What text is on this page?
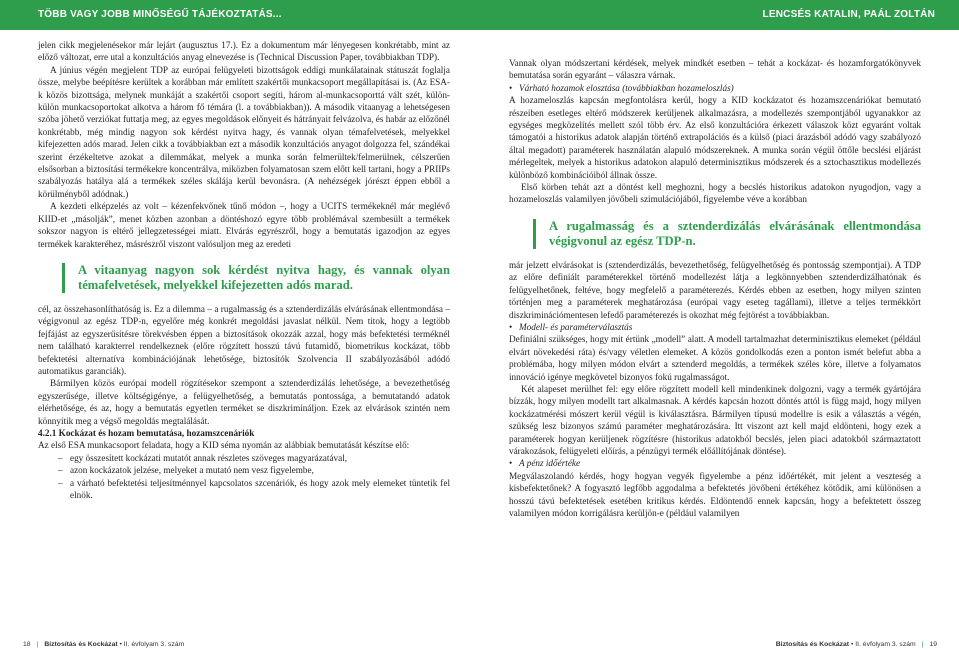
TÖBB VAGY JOBB MINŐSÉGŰ TÁJÉKOZTATÁS...	LENCSÉS KATALIN, PAÁL ZOLTÁN

jelen cikk megjelenésekor már lejárt (augusztus 17.). Ez a dokumentum már lényegesen konkrétabb, mint az előző változat, erre utal a konzultációs anyag elnevezése is (Technical Discussion Paper, továbbiakban TDP).

A június végén megjelent TDP az európai felügyeleti bizottságok eddigi munkálatainak státuszát foglalja össze, melybe beépítésre kerültek a korábban már említett szakértői munkacsoport megállapításai is. (Az ESA-k közös bizottsága, melynek munkáját a szakértői csoport segíti, három al-munkacsoporttá vált szét, külön-külön munkacsoportokat alkotva a három fő témára (l. a továbbiakban)). A második vitaanyag a lehetségesen szóba jöhető verziókat futtatja meg, az egyes megoldások előnyeit és hátrányait felvázolva, és habár az előzőnél konkrétabb, még mindig nagyon sok kérdést nyitva hagy, és vannak olyan témafelvetések, melyekkel kifejezetten adós marad. Jelen cikk a továbbiakban ezt a második konzultációs anyagot dolgozza fel, szándékai szerint érzékeltetve azokat a dilemmákat, melyek a munka során felmerültek/felmerülnek, célszerűen elsősorban a biztosítási termékekre koncentrálva, miközben folyamatosan szem előtt kell tartani, hogy a PRIIPs szabályozás hatálya alá a termékek széles skálája kerül bevonásra. (A nehézségek jórészt éppen ebből a körülményből adódnak.)

A kezdeti elképzelés az volt – kézenfekvőnek tűnő módon –, hogy a UCITS termékeknél már meglévő KIID-et „másolják”, menet közben azonban a döntéshozó egyre több problémával szembesült a termékek sokszor nagyon is eltérő jellegzetességei miatt. Elvárás egyrészről, hogy a bemutatás igazodjon az egyes termékek karakteréhez, másrészről viszont valósuljon meg az eredeti

A vitaanyag nagyon sok kérdést nyitva hagy, és vannak olyan témafelvetések, melyekkel kifejezetten adós marad.

cél, az összehasonlíthatóság is. Ez a dilemma – a rugalmasság és a sztenderdizálás elvárásának ellentmondása – végigvonul az egész TDP-n, egyelőre még konkrét megoldási javaslat nélkül. Nem titok, hogy a legtöbb fejfájást az egyszerűsítésre törekvésben éppen a biztosítások okozzák azzal, hogy más befektetési terméknél nem található karakterrel rendelkeznek (előre rögzített hosszú távú futamidő, biometrikus kockázat, több befektetési alternatíva kombinációjának lehetősége, biztosítók Szolvencia II szabályozásából adódó automatikus garanciák).

Bármilyen közös európai modell rögzítésekor szempont a sztenderdizálás lehetősége, a bevezethetőség egyszerűsége, illetve költségigénye, a felügyelhetőség, a bemutatás pontossága, a bemutatandó adatok elérhetősége, és az, hogy a bemutatás egyetlen terméket se diszkrimináljon. Ezek az elvárások szintén nem könnyítik meg a végső megoldás megtalálását.

4.2.1 Kockázat és hozam bemutatása, hozamszcenáriók

Az első ESA munkacsoport feladata, hogy a KID séma nyomán az alábbiak bemutatását készítse elő:

– egy összesített kockázati mutatót annak részletes szöveges magyarázatával,
– azon kockázatok jelzése, melyeket a mutató nem vesz figyelembe,
– a várható befektetési teljesítménnyel kapcsolatos szcenáriók, és hogy azok mely elemeket tüntetik fel elnök.

Vannak olyan módszertani kérdések, melyek mindkét esetben – tehát a kockázat- és hozamforgatókönyvek bemutatása során egyaránt – válaszra várnak.

• Várható hozamok elosztása (továbbiakban hozameloszlás)

A hozameloszlás kapcsán megfontolásra kerül, hogy a KID kockázatot és hozamszcenáriókat bemutató részeiben esetleges eltérő módszerek kerüljenek alkalmazásra, a modellezés szempontjából ugyanakkor az egységes megközelítés mellett szól több érv. Az első konzultációra érkezett válaszok közt egyaránt voltak támogatói a historikus adatok alapján történő extrapolációs és a külső (piaci árazásból adódó vagy szabályozó által megadott) paraméterek használatán alapuló módszereknek. A munka során végül öttőle becslési eljárást mérlegeltek, melyek a historikus adatokon alapuló determinisztikus módszerek és a sztochasztikus modellezés különböző kombinációiból állnak össze.

Első körben tehát azt a döntést kell meghozni, hogy a becslés historikus adatokon nyugodjon, vagy a hozameloszlás valamilyen jövőbeli szimulációjából, figyelembe véve a korábban

A rugalmasság és a sztenderdizálás elvárásának ellentmondása végigvonul az egész TDP-n.

már jelzett elvárásokat is (sztenderdizálás, bevezethetőség, felügyelhetőség és pontosság szempontjai). A TDP az előre definiált paraméterekkel történő modellezést látja a legkönnyebben sztenderdizálhatónak és felügyelhetőnek, feltéve, hogy megfelelő a paraméterezés. Kérdés ebben az esetben, hogy milyen szinten történjen meg a paraméterek meghatározása (európai vagy eseteg tagállami), illetve a teljes termékkört diszkriminációmentesen lefedő paraméterezés is okozhat még fejtörést a továbbiakban.

• Modell- és paraméterválasztás

Definiálni szükséges, hogy mit értünk „modell” alatt. A modell tartalmazhat determinisztikus elemeket (például elvárt növekedési ráta) és/vagy véletlen elemeket. A közös gondolkodás ezen a ponton ismét belefut abba a problémába, hogy milyen módon elvárt a sztenderd megoldás, a termékek széles köre, illetve a folyamatos innováció igénye megkövetel bizonyos fokú rugalmasságot.

Két alapeset merülhet fel: egy előre rögzített modell kell mindenkinek dolgozni, vagy a termék gyártójára bízzák, hogy milyen modellt tart alkalmasnak. A kérdés kapcsán hozott döntés attól is függ majd, hogy milyen kockázatmérési mószert kerül végül is kiválasztásra. Bármilyen típusú modellre is esik a választás a végén, szükség lesz bizonyos számú paraméter meghatározására. Itt viszont azt kell majd eldönteni, hogy ezek a paraméterek hogyan kerüljenek rögzítésre (historikus adatokból becslés, jelen piaci adatokból származtatott várakozások, felügyeleti előírás, a pénzügyi termék előállítójának döntése).

• A pénz időértéke

Megválaszolandó kérdés, hogy hogyan vegyék figyelembe a pénz időértékét, mit jelent a veszteség a kisbefektetőnek? A fogyasztó legfőbb aggodalma a befektetés jövőbeni értékéhez kötődik, ami különösen a hosszú távú befektetések esetében kritikus kérdés. Eldöntendő ennek kapcsán, hogy a befektetett összeg valamilyen módon korrigálásra kerüljön-e (például valamilyen

18 | Biztosítás és Kockázat • II. évfolyam 3. szám	Biztosítás és Kockázat • II. évfolyam 3. szám | 19
